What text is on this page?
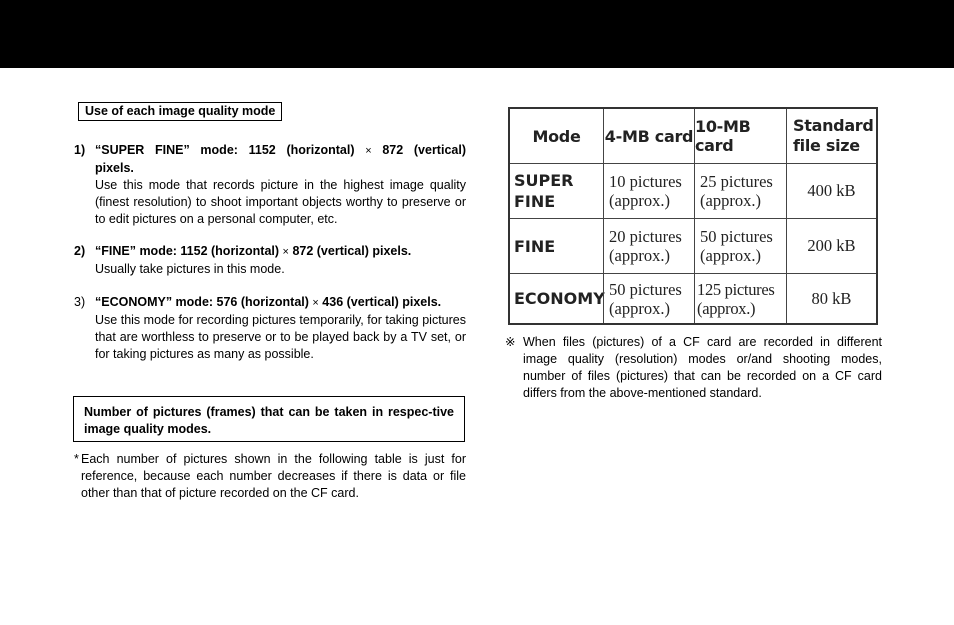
Use of each image quality mode
1) “SUPER FINE” mode: 1152 (horizontal) × 872 (vertical)
pixels.
Use this mode that records picture in the highest image quality (finest resolution) to shoot important objects worthy to preserve or to edit pictures on a personal computer, etc.
2) “FINE” mode: 1152 (horizontal) × 872 (vertical) pixels.
Usually take pictures in this mode.
3) “ECONOMY” mode: 576 (horizontal) × 436 (vertical) pixels.
Use this mode for recording pictures temporarily, for taking pictures that are worthless to preserve or to be played back by a TV set, or for taking pictures as many as possible.
Number of pictures (frames) that can be taken in respec-tive image quality modes.
* Each number of pictures shown in the following table is just for reference, because each number decreases if there is data or file other than that of picture recorded on the CF card.
Mode 4-MB card 10-MB card
Standard
file size
SUPER
FINE
10 pictures
(approx.)
25 pictures
(approx.)
400 kB
FINE	20 pictures
(approx.)
50 pictures
(approx.)
200 kB
ECONOMY 50 pictures
(approx.)
125 pictures
(approx.)
80 kB
※ When files (pictures) of a CF card are recorded in different image quality (resolution) modes or/and shooting modes, number of files (pictures) that can be recorded on a CF card differs from the above-mentioned standard.
